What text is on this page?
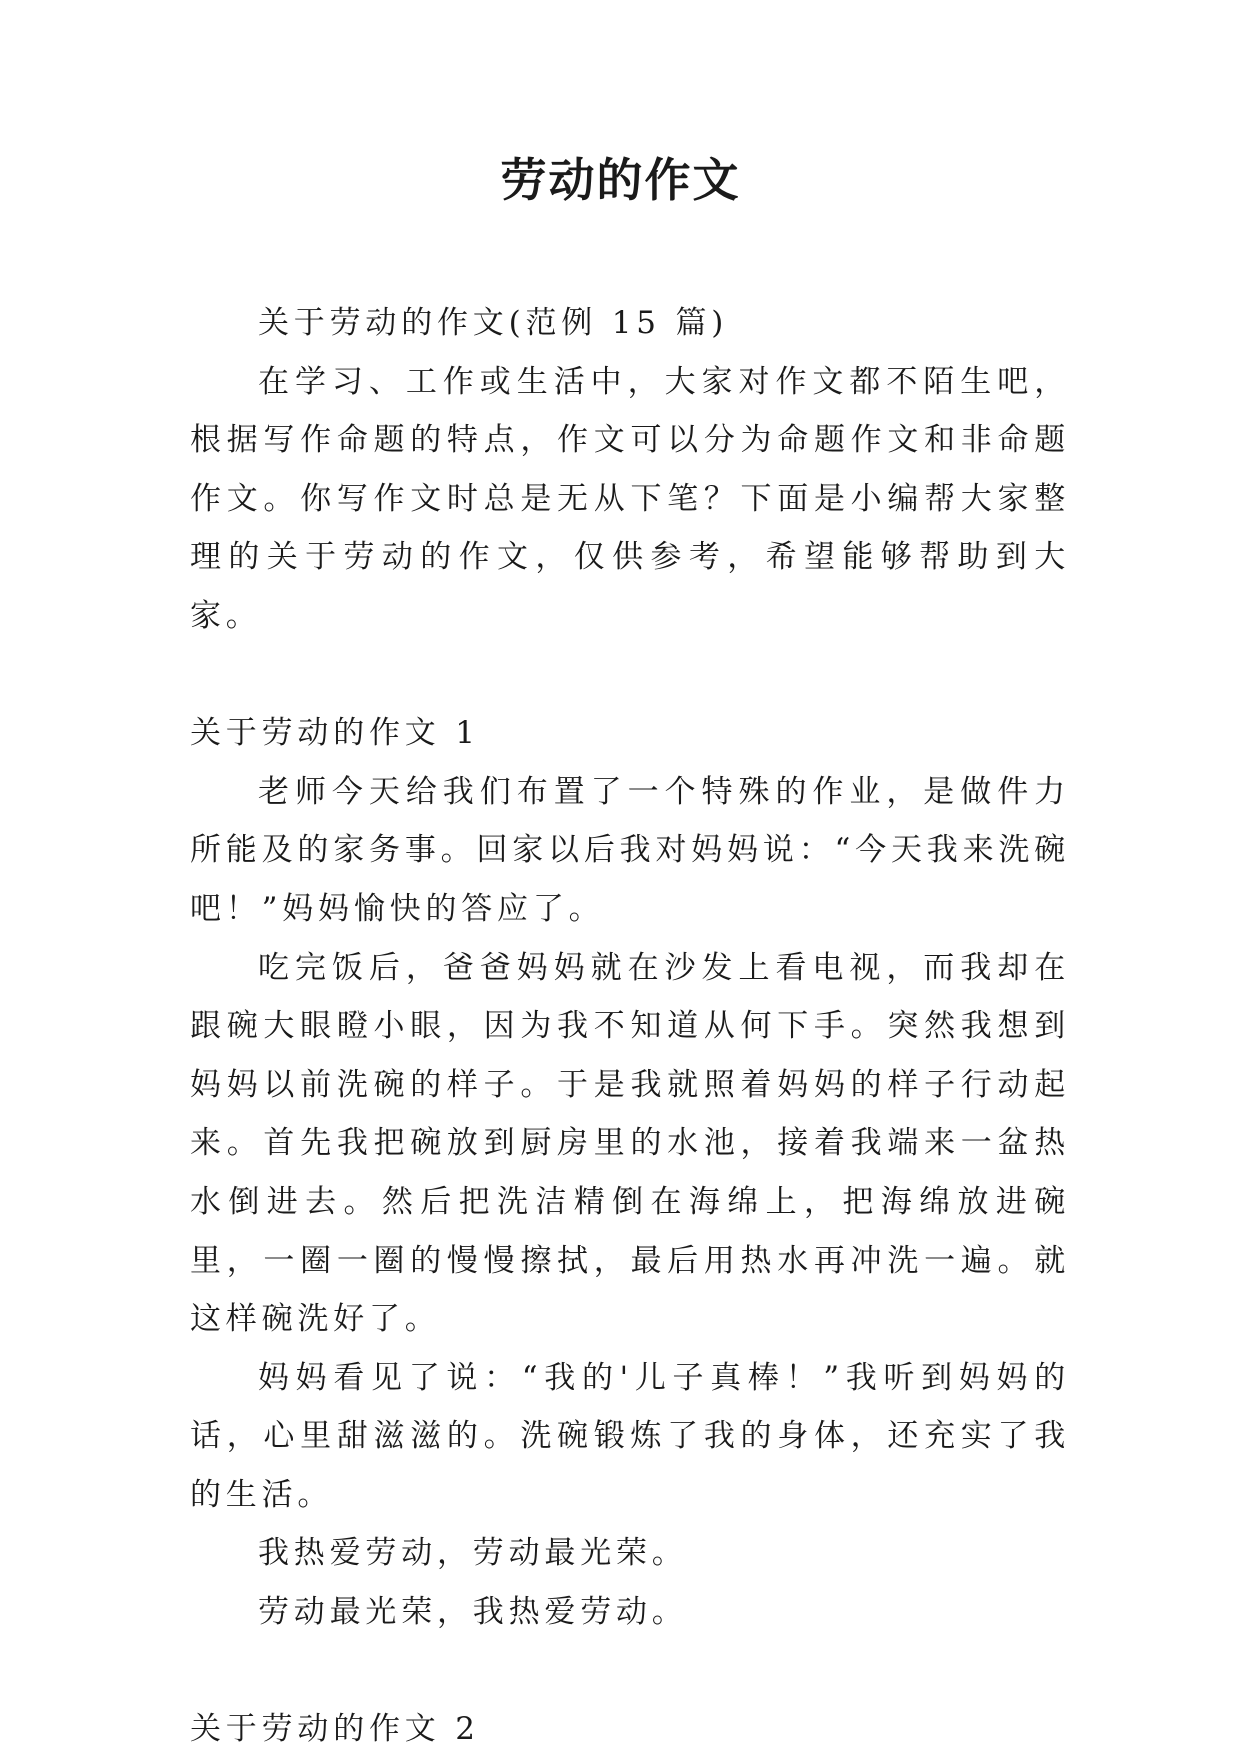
劳动的作文

关于劳动的作文(范例 15 篇)

在学习、工作或生活中，大家对作文都不陌生吧，根据写作命题的特点，作文可以分为命题作文和非命题作文。你写作文时总是无从下笔？下面是小编帮大家整理的关于劳动的作文，仅供参考，希望能够帮助到大家。

关于劳动的作文 1

老师今天给我们布置了一个特殊的作业，是做件力所能及的家务事。回家以后我对妈妈说：“今天我来洗碗吧！”妈妈愉快的答应了。

吃完饭后，爸爸妈妈就在沙发上看电视，而我却在跟碗大眼瞪小眼，因为我不知道从何下手。突然我想到妈妈以前洗碗的样子。于是我就照着妈妈的样子行动起来。首先我把碗放到厨房里的水池，接着我端来一盆热水倒进去。然后把洗洁精倒在海绵上，把海绵放进碗里，一圈一圈的慢慢擦拭，最后用热水再冲洗一遍。就这样碗洗好了。

妈妈看见了说：“我的'儿子真棒！”我听到妈妈的话，心里甜滋滋的。洗碗锻炼了我的身体，还充实了我的生活。

我热爱劳动，劳动最光荣。

劳动最光荣，我热爱劳动。

关于劳动的作文 2
